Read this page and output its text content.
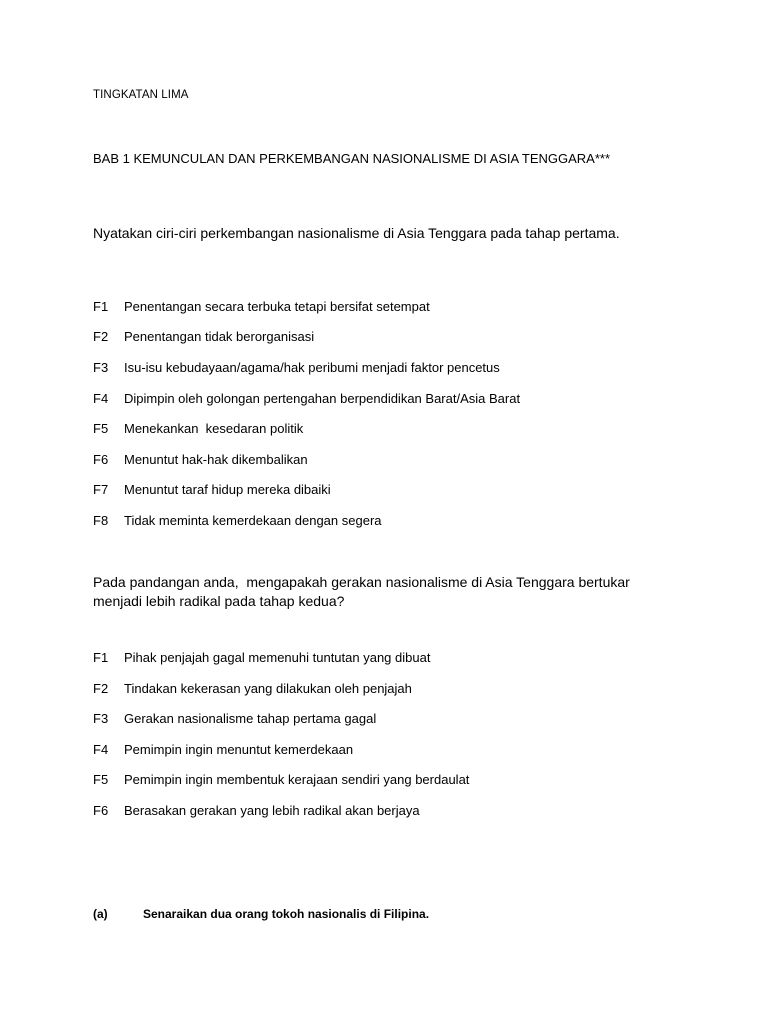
TINGKATAN LIMA
BAB 1 KEMUNCULAN DAN PERKEMBANGAN NASIONALISME DI ASIA TENGGARA***
Nyatakan ciri-ciri perkembangan nasionalisme di Asia Tenggara pada tahap pertama.
F1 Penentangan secara terbuka tetapi bersifat setempat
F2 Penentangan tidak berorganisasi
F3 Isu-isu kebudayaan/agama/hak peribumi menjadi faktor pencetus
F4 Dipimpin oleh golongan pertengahan berpendidikan Barat/Asia Barat
F5 Menekankan  kesedaran politik
F6 Menuntut hak-hak dikembalikan
F7 Menuntut taraf hidup mereka dibaiki
F8 Tidak meminta kemerdekaan dengan segera
Pada pandangan anda,  mengapakah gerakan nasionalisme di Asia Tenggara bertukar menjadi lebih radikal pada tahap kedua?
F1 Pihak penjajah gagal memenuhi tuntutan yang dibuat
F2 Tindakan kekerasan yang dilakukan oleh penjajah
F3 Gerakan nasionalisme tahap pertama gagal
F4 Pemimpin ingin menuntut kemerdekaan
F5 Pemimpin ingin membentuk kerajaan sendiri yang berdaulat
F6 Berasakan gerakan yang lebih radikal akan berjaya
(a)	Senaraikan dua orang tokoh nasionalis di Filipina.
